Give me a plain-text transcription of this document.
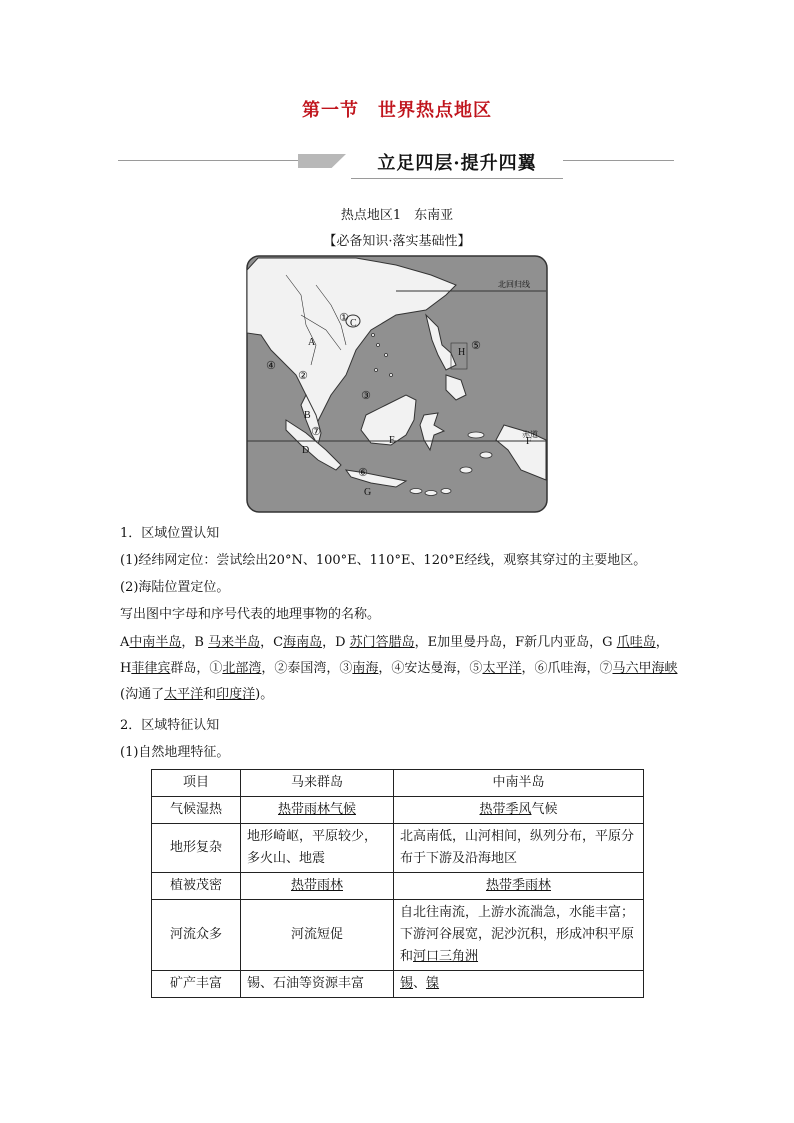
第一节　世界热点地区
立足四层·提升四翼
热点地区1　东南亚
【必备知识·落实基础性】
北回归线
赤道
A
B
C
D
E	F
G
H
①
②
③
④
⑤
⑥
⑦
1．区域位置认知
(1)经纬网定位：尝试绘出20°N、100°E、110°E、120°E经线，观察其穿过的主要地区。
(2)海陆位置定位。
写出图中字母和序号代表的地理事物的名称。
A中南半岛，B 马来半岛，C海南岛，D 苏门答腊岛，E加里曼丹岛，F新几内亚岛，G 爪哇岛，H菲律宾群岛，①北部湾，②泰国湾，③南海，④安达曼海，⑤太平洋，⑥爪哇海，⑦马六甲海峡(沟通了太平洋和印度洋)。
2．区域特征认知
(1)自然地理特征。
项目	马来群岛	中南半岛
气候湿热	热带雨林气候	热带季风气候
地形复杂	地形崎岖，平原较少，多火山、地震	北高南低，山河相间，纵列分布，平原分布于下游及沿海地区
植被茂密	热带雨林	热带季雨林
河流众多	河流短促	自北往南流，上游水流湍急，水能丰富；下游河谷展宽，泥沙沉积，形成冲积平原和河口三角洲
矿产丰富	锡、石油等资源丰富	锡、镍
